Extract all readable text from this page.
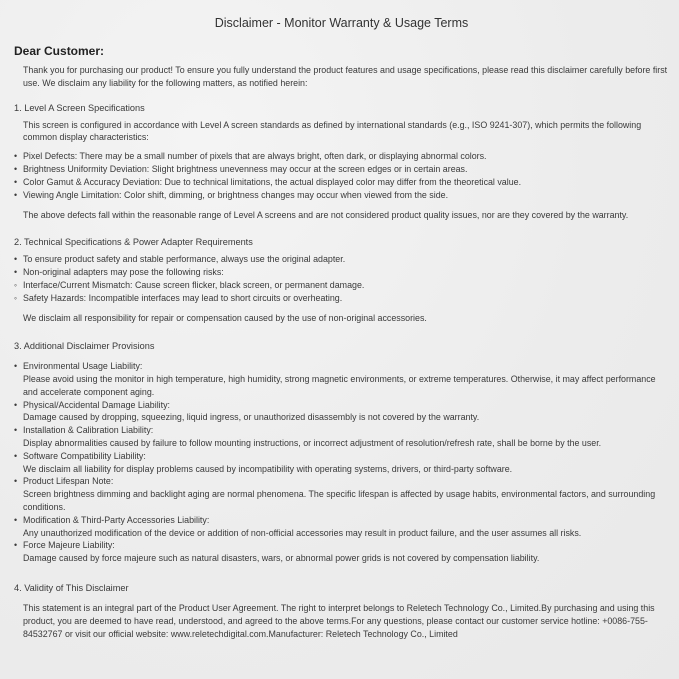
Disclaimer - Monitor Warranty & Usage Terms
Dear Customer:

Thank you for purchasing our product! To ensure you fully understand the product features and usage specifications, please read this disclaimer carefully before first use. We disclaim any liability for the following matters, as notified herein:

1. Level A Screen Specifications

This screen is configured in accordance with Level A screen standards as defined by international standards (e.g., ISO 9241-307), which permits the following common display characteristics:

• Pixel Defects: There may be a small number of pixels that are always bright, often dark, or displaying abnormal colors.
• Brightness Uniformity Deviation: Slight brightness unevenness may occur at the screen edges or in certain areas.
• Color Gamut & Accuracy Deviation: Due to technical limitations, the actual displayed color may differ from the theoretical value.
• Viewing Angle Limitation: Color shift, dimming, or brightness changes may occur when viewed from the side.

The above defects fall within the reasonable range of Level A screens and are not considered product quality issues, nor are they covered by the warranty.

2. Technical Specifications & Power Adapter Requirements
• To ensure product safety and stable performance, always use the original adapter.
• Non-original adapters may pose the following risks:
◦ Interface/Current Mismatch: Cause screen flicker, black screen, or permanent damage.
◦ Safety Hazards: Incompatible interfaces may lead to short circuits or overheating.

We disclaim all responsibility for repair or compensation caused by the use of non-original accessories.

3. Additional Disclaimer Provisions
• Environmental Usage Liability:
Please avoid using the monitor in high temperature, high humidity, strong magnetic environments, or extreme temperatures. Otherwise, it may affect performance and accelerate component aging.
• Physical/Accidental Damage Liability:
Damage caused by dropping, squeezing, liquid ingress, or unauthorized disassembly is not covered by the warranty.
• Installation & Calibration Liability:
Display abnormalities caused by failure to follow mounting instructions, or incorrect adjustment of resolution/refresh rate, shall be borne by the user.
• Software Compatibility Liability:
We disclaim all liability for display problems caused by incompatibility with operating systems, drivers, or third-party software.
• Product Lifespan Note:
Screen brightness dimming and backlight aging are normal phenomena. The specific lifespan is affected by usage habits, environmental factors, and surrounding conditions.
• Modification & Third-Party Accessories Liability:
Any unauthorized modification of the device or addition of non-official accessories may result in product failure, and the user assumes all risks.
• Force Majeure Liability:
Damage caused by force majeure such as natural disasters, wars, or abnormal power grids is not covered by compensation liability.
4. Validity of This Disclaimer

This statement is an integral part of the Product User Agreement. The right to interpret belongs to Reletech Technology Co., Limited.By purchasing and using this product, you are deemed to have read, understood, and agreed to the above terms.For any questions, please contact our customer service hotline: +0086-755-84532767 or visit our official website: www.reletechdigital.com.Manufacturer: Reletech Technology Co., Limited
